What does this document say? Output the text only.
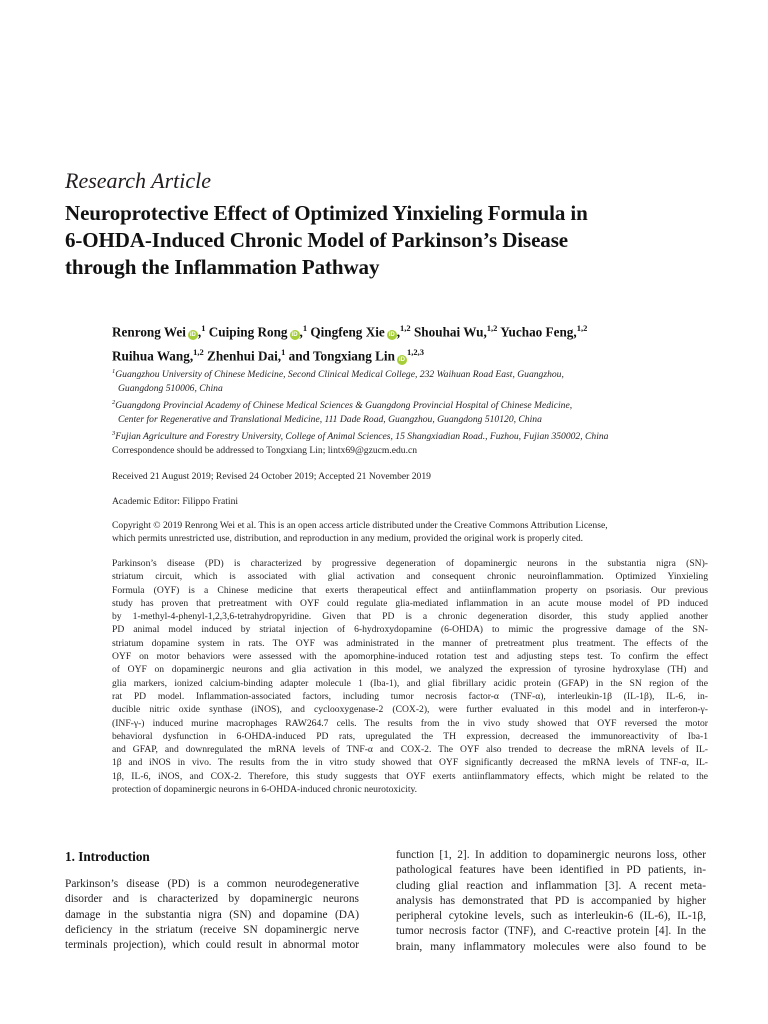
Research Article
Neuroprotective Effect of Optimized Yinxieling Formula in
6-OHDA-Induced Chronic Model of Parkinson’s Disease
through the Inflammation Pathway
Renrong Wei iD ,$^1$ Cuiping Rong iD ,$^1$ Qingfeng Xie iD ,$^{1,2}$ Shouhai Wu,$^{1,2}$ Yuchao Feng,$^{1,2}$
Ruihua Wang,$^{1,2}$ Zhenhui Dai,$^1$ and Tongxiang Lin iD$^{1,2,3}$
$^1$Guangzhou University of Chinese Medicine, Second Clinical Medical College, 232 Waihuan Road East, Guangzhou,
Guangdong 510006, China
$^2$Guangdong Provincial Academy of Chinese Medical Sciences & Guangdong Provincial Hospital of Chinese Medicine,
Center for Regenerative and Translational Medicine, 111 Dade Road, Guangzhou, Guangdong 510120, China
$^3$Fujian Agriculture and Forestry University, College of Animal Sciences, 15 Shangxiadian Road., Fuzhou, Fujian 350002, China
Correspondence should be addressed to Tongxiang Lin; lintx69@gzucm.edu.cn
Received 21 August 2019; Revised 24 October 2019; Accepted 21 November 2019
Academic Editor: Filippo Fratini
Copyright © 2019 Renrong Wei et al. This is an open access article distributed under the Creative Commons Attribution License,
which permits unrestricted use, distribution, and reproduction in any medium, provided the original work is properly cited.
Parkinson’s disease (PD) is characterized by progressive degeneration of dopaminergic neurons in the substantia nigra (SN)-
striatum circuit, which is associated with glial activation and consequent chronic neuroinflammation. Optimized Yinxieling
Formula (OYF) is a Chinese medicine that exerts therapeutical effect and antiinflammation property on psoriasis. Our previous
study has proven that pretreatment with OYF could regulate glia-mediated inflammation in an acute mouse model of PD induced
by 1-methyl-4-phenyl-1,2,3,6-tetrahydropyridine. Given that PD is a chronic degeneration disorder, this study applied another
PD animal model induced by striatal injection of 6-hydroxydopamine (6-OHDA) to mimic the progressive damage of the SN-
striatum dopamine system in rats. The OYF was administrated in the manner of pretreatment plus treatment. The effects of the
OYF on motor behaviors were assessed with the apomorphine-induced rotation test and adjusting steps test. To confirm the effect
of OYF on dopaminergic neurons and glia activation in this model, we analyzed the expression of tyrosine hydroxylase (TH) and
glia markers, ionized calcium-binding adapter molecule 1 (Iba-1), and glial fibrillary acidic protein (GFAP) in the SN region of the
rat PD model. Inflammation-associated factors, including tumor necrosis factor-α (TNF-α), interleukin-1β (IL-1β), IL-6, in-
ducible nitric oxide synthase (iNOS), and cyclooxygenase-2 (COX-2), were further evaluated in this model and in interferon-γ-
(INF-γ-) induced murine macrophages RAW264.7 cells. The results from the in vivo study showed that OYF reversed the motor
behavioral dysfunction in 6-OHDA-induced PD rats, upregulated the TH expression, decreased the immunoreactivity of Iba-1
and GFAP, and downregulated the mRNA levels of TNF-α and COX-2. The OYF also trended to decrease the mRNA levels of IL-
1β and iNOS in vivo. The results from the in vitro study showed that OYF significantly decreased the mRNA levels of TNF-α, IL-
1β, IL-6, iNOS, and COX-2. Therefore, this study suggests that OYF exerts antiinflammatory effects, which might be related to the
protection of dopaminergic neurons in 6-OHDA-induced chronic neurotoxicity.
1. Introduction
Parkinson’s disease (PD) is a common neurodegenerative
disorder and is characterized by dopaminergic neurons
damage in the substantia nigra (SN) and dopamine (DA)
deficiency in the striatum (receive SN dopaminergic nerve
terminals projection), which could result in abnormal motor
function [1, 2]. In addition to dopaminergic neurons loss, other
pathological features have been identified in PD patients, in-
cluding glial reaction and inflammation [3]. A recent meta-
analysis has demonstrated that PD is accompanied by higher
peripheral cytokine levels, such as interleukin-6 (IL-6), IL-1β,
tumor necrosis factor (TNF), and C-reactive protein [4]. In the
brain, many inflammatory molecules were also found to be
